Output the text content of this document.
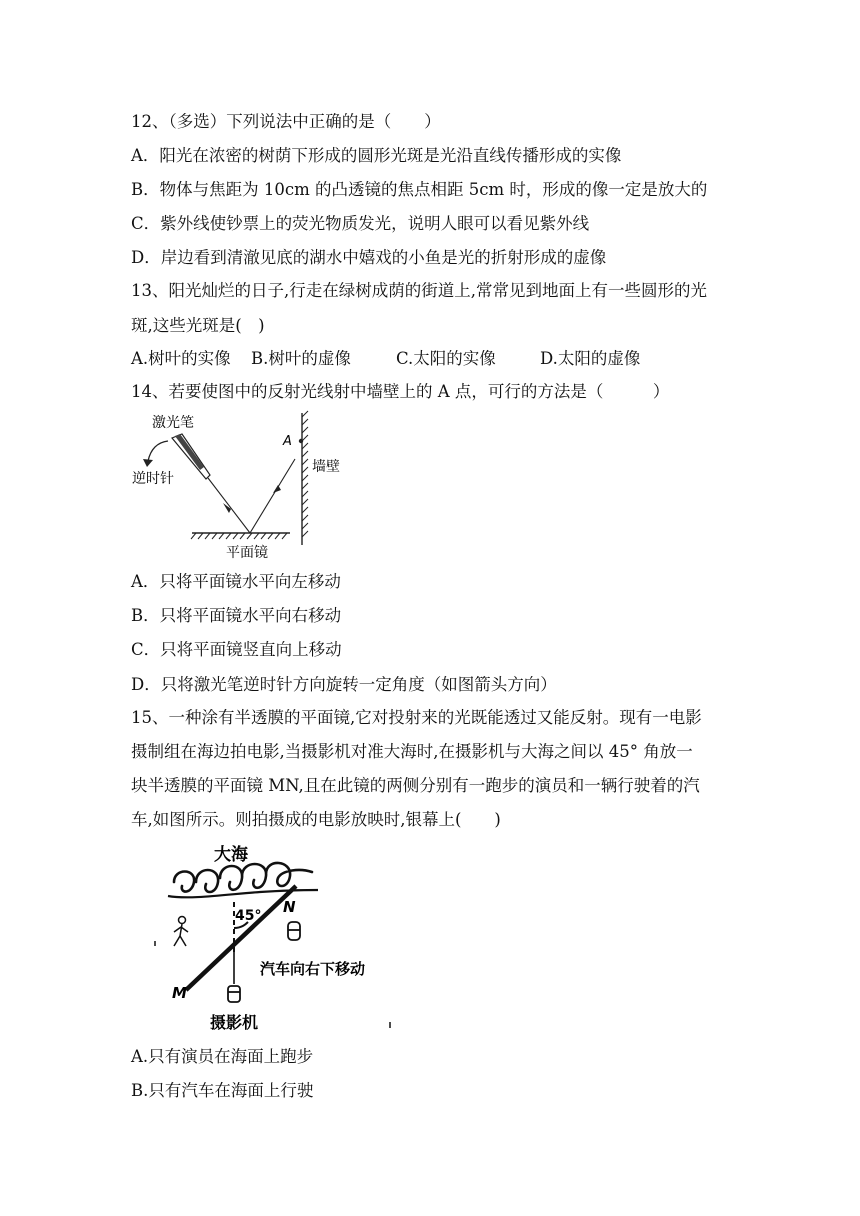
12、（多选）下列说法中正确的是（　　）
A．阳光在浓密的树荫下形成的圆形光斑是光沿直线传播形成的实像
B．物体与焦距为 10cm 的凸透镜的焦点相距 5cm 时，形成的像一定是放大的
C．紫外线使钞票上的荧光物质发光，说明人眼可以看见紫外线
D．岸边看到清澈见底的湖水中嬉戏的小鱼是光的折射形成的虚像
13、阳光灿烂的日子,行走在绿树成荫的街道上,常常见到地面上有一些圆形的光
斑,这些光斑是(　)
A.树叶的实像 B.树叶的虚像	C.太阳的实像	D.太阳的虚像
14、若要使图中的反射光线射中墙壁上的 A 点，可行的方法是（　　　）
A
激光笔
逆时针
墙壁
平面镜
A．只将平面镜水平向左移动
B．只将平面镜水平向右移动
C．只将平面镜竖直向上移动
D．只将激光笔逆时针方向旋转一定角度（如图箭头方向）
15、一种涂有半透膜的平面镜,它对投射来的光既能透过又能反射。现有一电影
摄制组在海边拍电影,当摄影机对准大海时,在摄影机与大海之间以 45° 角放一
块半透膜的平面镜 MN,且在此镜的两侧分别有一跑步的演员和一辆行驶着的汽
车,如图所示。则拍摄成的电影放映时,银幕上(　　)
大海
45° N
M
汽车向右下移动
摄影机
A.只有演员在海面上跑步
B.只有汽车在海面上行驶
